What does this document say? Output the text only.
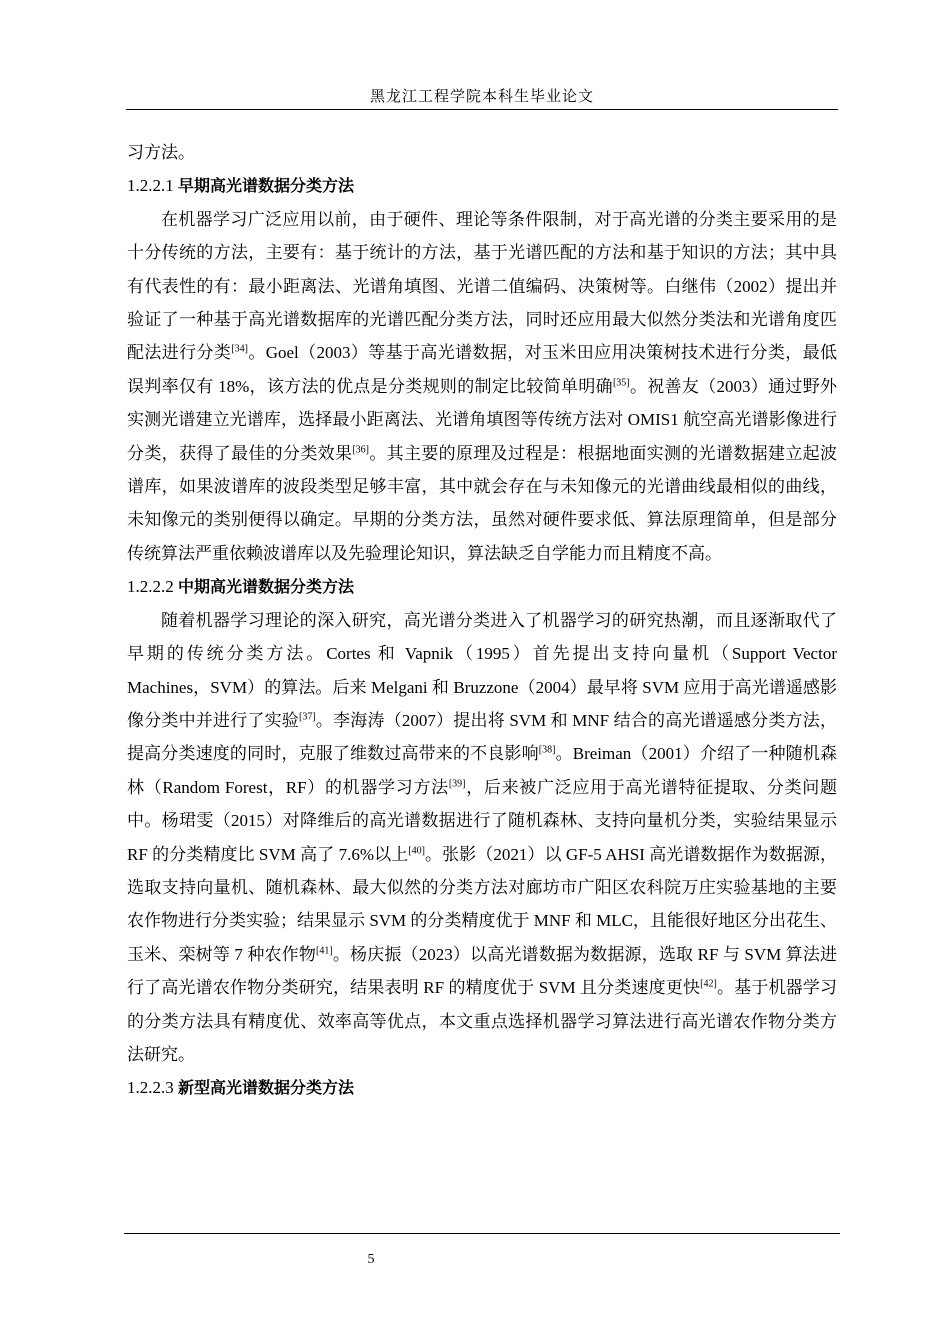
黑龙江工程学院本科生毕业论文

习方法。

1.2.2.1 早期高光谱数据分类方法

在机器学习广泛应用以前，由于硬件、理论等条件限制，对于高光谱的分类主要采用的是十分传统的方法，主要有：基于统计的方法，基于光谱匹配的方法和基于知识的方法；其中具有代表性的有：最小距离法、光谱角填图、光谱二值编码、决策树等。白继伟（2002）提出并验证了一种基于高光谱数据库的光谱匹配分类方法，同时还应用最大似然分类法和光谱角度匹配法进行分类[34]。Goel（2003）等基于高光谱数据，对玉米田应用决策树技术进行分类，最低误判率仅有 18%，该方法的优点是分类规则的制定比较简单明确[35]。祝善友（2003）通过野外实测光谱建立光谱库，选择最小距离法、光谱角填图等传统方法对 OMIS1 航空高光谱影像进行分类，获得了最佳的分类效果[36]。其主要的原理及过程是：根据地面实测的光谱数据建立起波谱库，如果波谱库的波段类型足够丰富，其中就会存在与未知像元的光谱曲线最相似的曲线，未知像元的类别便得以确定。早期的分类方法，虽然对硬件要求低、算法原理简单，但是部分传统算法严重依赖波谱库以及先验理论知识，算法缺乏自学能力而且精度不高。

1.2.2.2 中期高光谱数据分类方法

随着机器学习理论的深入研究，高光谱分类进入了机器学习的研究热潮，而且逐渐取代了早期的传统分类方法。Cortes 和 Vapnik（1995）首先提出支持向量机（Support Vector Machines，SVM）的算法。后来 Melgani 和 Bruzzone（2004）最早将 SVM 应用于高光谱遥感影像分类中并进行了实验[37]。李海涛（2007）提出将 SVM 和 MNF 结合的高光谱遥感分类方法，提高分类速度的同时，克服了维数过高带来的不良影响[38]。Breiman（2001）介绍了一种随机森林（Random Forest，RF）的机器学习方法[39]，后来被广泛应用于高光谱特征提取、分类问题中。杨珺雯（2015）对降维后的高光谱数据进行了随机森林、支持向量机分类，实验结果显示 RF 的分类精度比 SVM 高了 7.6%以上[40]。张影（2021）以 GF-5 AHSI 高光谱数据作为数据源，选取支持向量机、随机森林、最大似然的分类方法对廊坊市广阳区农科院万庄实验基地的主要农作物进行分类实验；结果显示 SVM 的分类精度优于 MNF 和 MLC，且能很好地区分出花生、玉米、栾树等 7 种农作物[41]。杨庆振（2023）以高光谱数据为数据源，选取 RF 与 SVM 算法进行了高光谱农作物分类研究，结果表明 RF 的精度优于 SVM 且分类速度更快[42]。基于机器学习的分类方法具有精度优、效率高等优点，本文重点选择机器学习算法进行高光谱农作物分类方法研究。

1.2.2.3 新型高光谱数据分类方法

5
